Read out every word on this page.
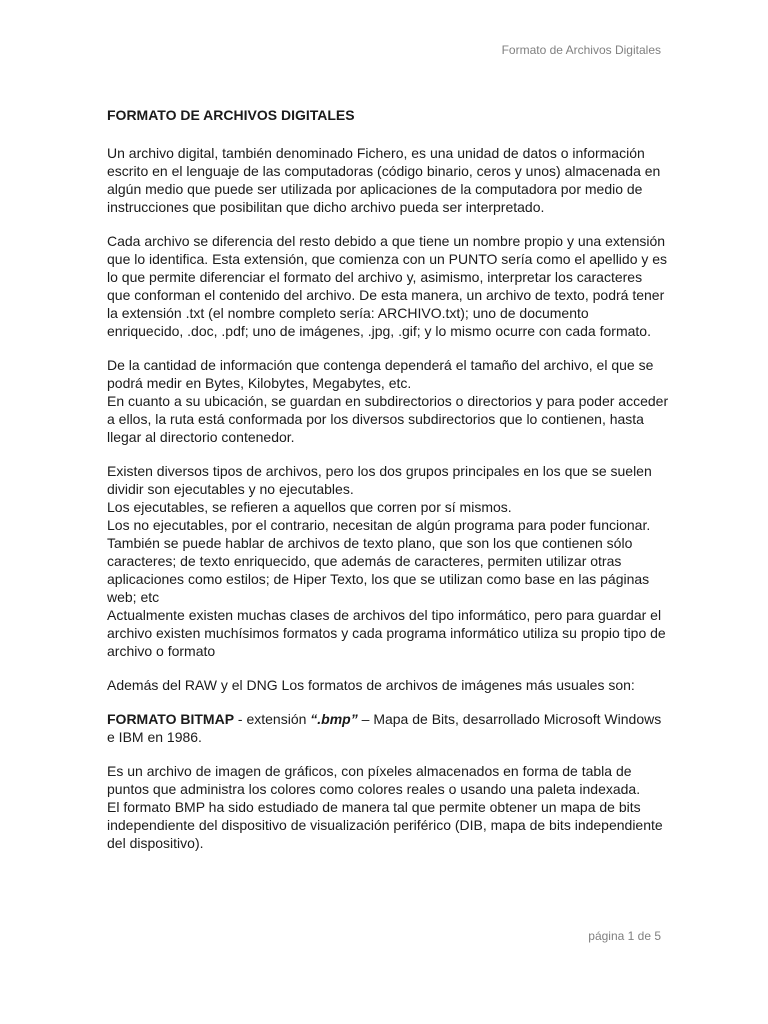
Formato de Archivos Digitales
FORMATO DE ARCHIVOS DIGITALES
Un archivo digital, también denominado Fichero, es una unidad de datos o información
escrito en el lenguaje de las computadoras (código binario, ceros y unos) almacenada en
algún medio que puede ser utilizada por aplicaciones de la computadora por medio de
instrucciones que posibilitan que dicho archivo pueda ser interpretado.
Cada archivo se diferencia del resto debido a que tiene un nombre propio y una extensión
que lo identifica. Esta extensión, que comienza con un PUNTO sería como el apellido y es
lo que permite diferenciar el formato del archivo y, asimismo, interpretar los caracteres
que conforman el contenido del archivo. De esta manera, un archivo de texto, podrá tener
la extensión .txt (el nombre completo sería: ARCHIVO.txt); uno de documento
enriquecido, .doc, .pdf; uno de imágenes, .jpg, .gif; y lo mismo ocurre con cada formato.
De la cantidad de información que contenga dependerá el tamaño del archivo, el que se
podrá medir en Bytes, Kilobytes, Megabytes, etc.
En cuanto a su ubicación, se guardan en subdirectorios o directorios y para poder acceder
a ellos, la ruta está conformada por los diversos subdirectorios que lo contienen, hasta
llegar al directorio contenedor.
Existen diversos tipos de archivos, pero los dos grupos principales en los que se suelen
dividir son ejecutables y no ejecutables.
Los ejecutables, se refieren a aquellos que corren por sí mismos.
Los no ejecutables, por el contrario, necesitan de algún programa para poder funcionar.
También se puede hablar de archivos de texto plano, que son los que contienen sólo
caracteres; de texto enriquecido, que además de caracteres, permiten utilizar otras
aplicaciones como estilos; de Hiper Texto, los que se utilizan como base en las páginas
web; etc
Actualmente existen muchas clases de archivos del tipo informático, pero para guardar el
archivo existen muchísimos formatos y cada programa informático utiliza su propio tipo de
archivo o formato
Además del RAW y el DNG Los formatos de archivos de imágenes más usuales son:
FORMATO BITMAP - extensión “.bmp” – Mapa de Bits, desarrollado Microsoft Windows
e IBM en 1986.
Es un archivo de imagen de gráficos, con píxeles almacenados en forma de tabla de
puntos que administra los colores como colores reales o usando una paleta indexada.
El formato BMP ha sido estudiado de manera tal que permite obtener un mapa de bits
independiente del dispositivo de visualización periférico (DIB, mapa de bits independiente
del dispositivo).
página 1 de 5
